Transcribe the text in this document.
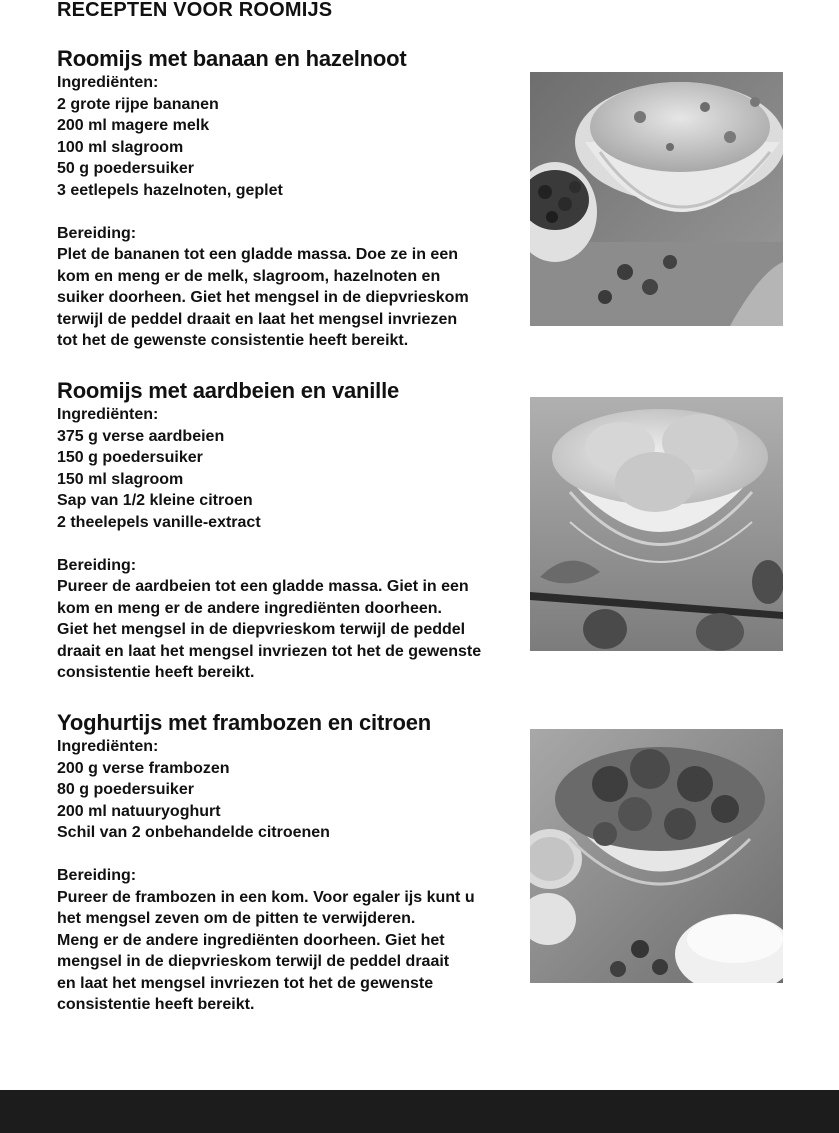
RECEPTEN VOOR ROOMIJS
Roomijs met banaan en hazelnoot
Ingrediënten:
2 grote rijpe bananen
200 ml magere melk
100 ml slagroom
50 g poedersuiker
3 eetlepels hazelnoten, geplet
Bereiding:

Plet de bananen tot een gladde massa. Doe ze in een
kom en meng er de melk, slagroom, hazelnoten en
suiker doorheen. Giet het mengsel in de diepvrieskom
terwijl de peddel draait en laat het mengsel invriezen
tot het de gewenste consistentie heeft bereikt.

Roomijs met aardbeien en vanille
Ingrediënten:
375 g verse aardbeien
150 g poedersuiker
150 ml slagroom
Sap van 1/2 kleine citroen
2 theelepels vanille-extract
Bereiding:

Pureer de aardbeien tot een gladde massa. Giet in een
kom en meng er de andere ingrediënten doorheen.
Giet het mengsel in de diepvrieskom terwijl de peddel
draait en laat het mengsel invriezen tot het de gewenste
consistentie heeft bereikt.

Yoghurtijs met frambozen en citroen
Ingrediënten:
200 g verse frambozen
80 g poedersuiker
200 ml natuuryoghurt
Schil van 2 onbehandelde citroenen
Bereiding:

Pureer de frambozen in een kom. Voor egaler ijs kunt u
het mengsel zeven om de pitten te verwijderen.
Meng er de andere ingrediënten doorheen. Giet het
mengsel in de diepvrieskom terwijl de peddel draait
en laat het mengsel invriezen tot het de gewenste
consistentie heeft bereikt.
